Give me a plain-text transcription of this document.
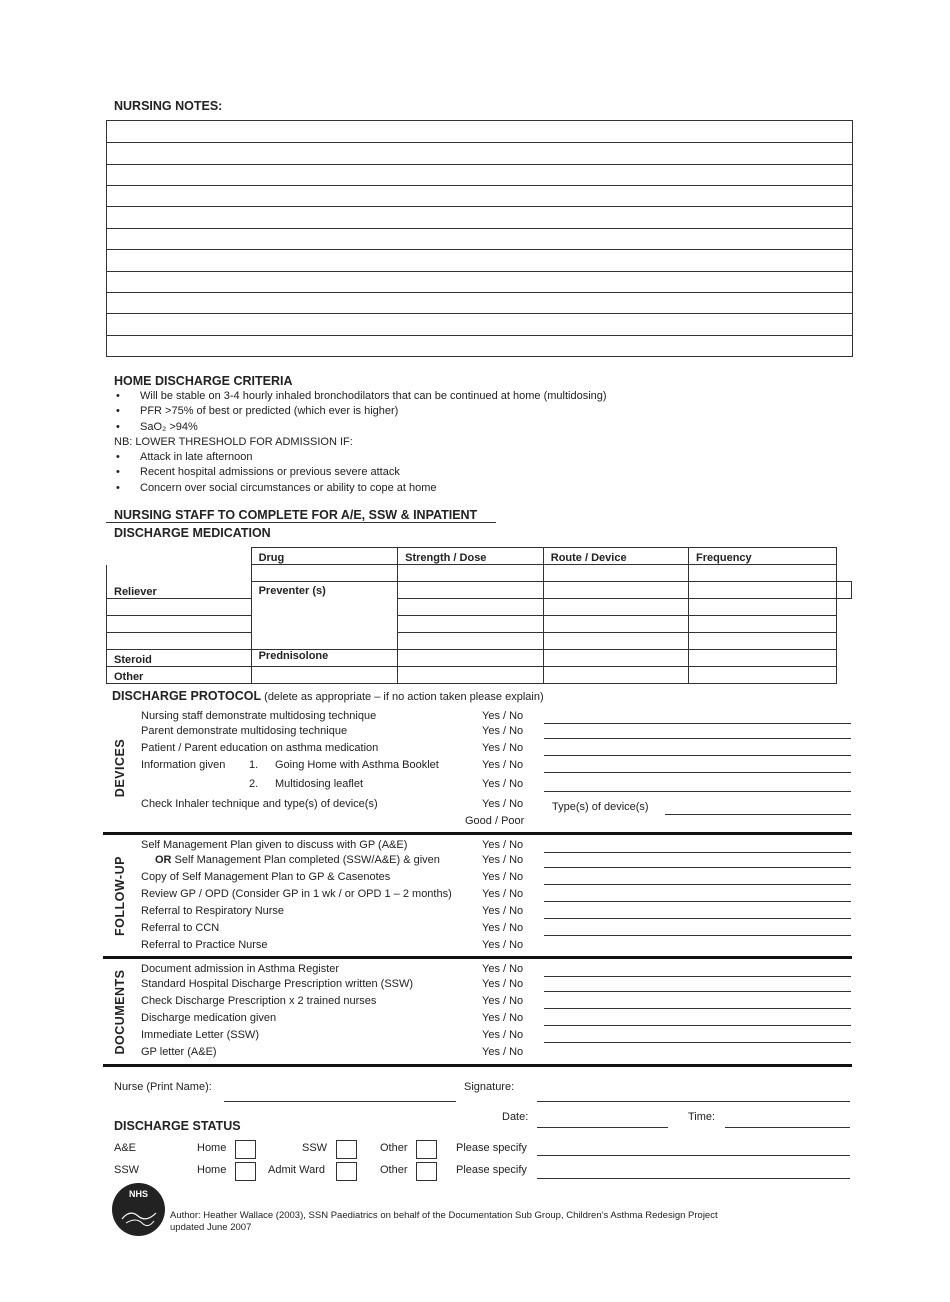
NURSING NOTES:
HOME DISCHARGE CRITERIA
• Will be stable on 3-4 hourly inhaled bronchodilators that can be continued at home (multidosing)
• PFR >75% of best or predicted (which ever is higher)
• SaO₂ >94%
NB: LOWER THRESHOLD FOR ADMISSION IF:
• Attack in late afternoon
• Recent hospital admissions or previous severe attack
• Concern over social circumstances or ability to cope at home
NURSING STAFF TO COMPLETE FOR A/E, SSW & INPATIENT
DISCHARGE MEDICATION
	Drug	Strength / Dose	Route / Device	Frequency	
Reliever					
	Preventer (s)				

Steroid	Prednisolone				
Other					
DISCHARGE PROTOCOL (delete as appropriate – if no action taken please explain)
DEVICES
Nursing staff demonstrate multidosing technique	Yes / No
Parent demonstrate multidosing technique	Yes / No
Patient / Parent education on asthma medication	Yes / No
Information given 1. Going Home with Asthma Booklet	Yes / No
2. Multidosing leaflet	Yes / No
Check Inhaler technique and type(s) of device(s)	Yes / No	Type(s) of device(s)
Good / Poor
FOLLOW-UP
Self Management Plan given to discuss with GP (A&E)	Yes / No
OR Self Management Plan completed (SSW/A&E) & given	Yes / No
Copy of Self Management Plan to GP & Casenotes	Yes / No
Review GP / OPD (Consider GP in 1 wk / or OPD 1 – 2 months)	Yes / No
Referral to Respiratory Nurse	Yes / No
Referral to CCN	Yes / No
Referral to Practice Nurse	Yes / No
DOCUMENTS
Document admission in Asthma Register	Yes / No
Standard Hospital Discharge Prescription written (SSW)	Yes / No
Check Discharge Prescription x 2 trained nurses	Yes / No
Discharge medication given	Yes / No
Immediate Letter (SSW)	Yes / No
GP letter (A&E)	Yes / No
Nurse (Print Name):	Signature:
Date:	Time:
DISCHARGE STATUS
A&E	Home	SSW	Other	Please specify
SSW	Home	Admit Ward	Other	Please specify
NHS
Author: Heather Wallace (2003), SSN Paediatrics on behalf of the Documentation Sub Group, Children’s Asthma Redesign Project
updated June 2007
